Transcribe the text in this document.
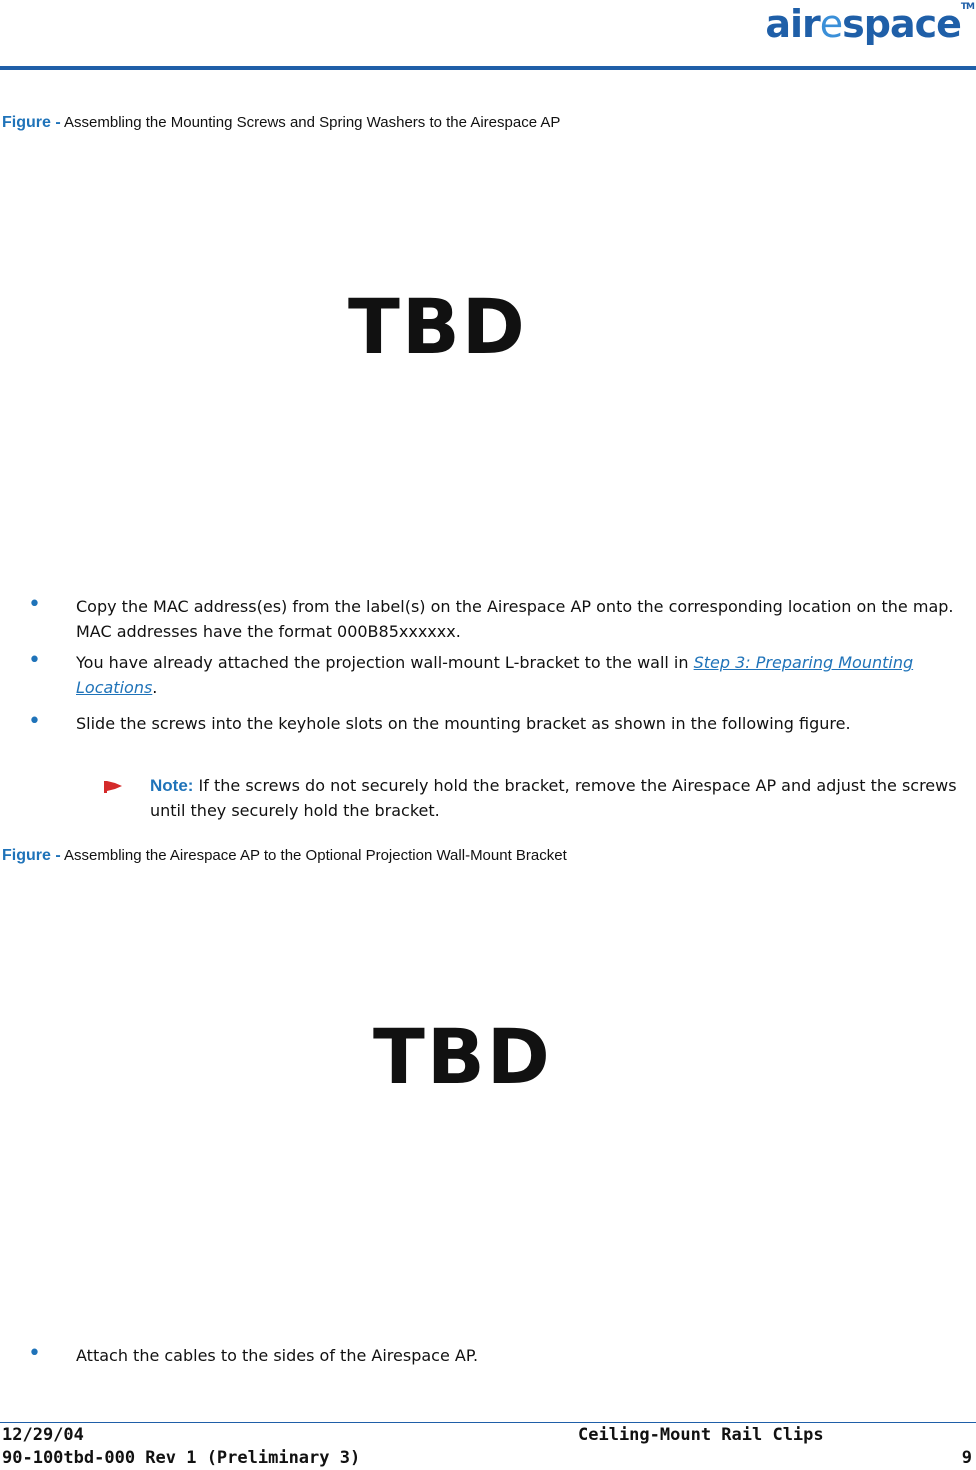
airespace™
Figure - Assembling the Mounting Screws and Spring Washers to the Airespace AP
TBD
• Copy the MAC address(es) from the label(s) on the Airespace AP onto the corresponding location on the map. MAC addresses have the format 000B85xxxxxx.
• You have already attached the projection wall-mount L-bracket to the wall in Step 3: Preparing Mounting Locations.
• Slide the screws into the keyhole slots on the mounting bracket as shown in the following figure.
Note: If the screws do not securely hold the bracket, remove the Airespace AP and adjust the screws until they securely hold the bracket.
Figure - Assembling the Airespace AP to the Optional Projection Wall-Mount Bracket
TBD
• Attach the cables to the sides of the Airespace AP.
12/29/04
90-100tbd-000 Rev 1 (Preliminary 3)
Ceiling-Mount Rail Clips
9
